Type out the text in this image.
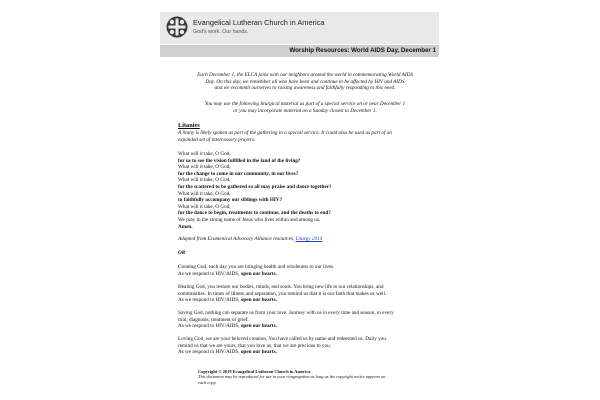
Evangelical Lutheran Church in America
God's work. Our hands.
Worship Resources: World AIDS Day, December 1
Each December 1, the ELCA joins with our neighbors around the world in commemorating World AIDS
Day. On this day, we remember all who have been and continue to be affected by HIV and AIDS
and we recommit ourselves to raising awareness and faithfully responding to this need.
You may use the following liturgical material as part of a special service on or near December 1
or you may incorporate material on a Sunday closest to December 1.
Litanies
A litany is likely spoken as part of the gathering in a special service. It could also be used as part of an
expanded set of intercessory prayers.
What will it take, O God,
for us to see the vision fulfilled in the land of the living?
What will it take, O God,
for the change to come in our community, in our lives?
What will it take, O God,
for the scattered to be gathered so all may praise and dance together?
What will it take, O God,
to faithfully accompany our siblings with HIV?
What will it take, O God,
for the dance to begin, treatments to continue, and the deaths to end?
We pray in the strong name of Jesus who lives within and among us.
Amen.
Adapted from Ecumenical Advocacy Alliance resources, Liturgy 2014
OR
Creating God, each day you are bringing health and wholeness to our lives.
As we respond to HIV/AIDS, open our hearts.
Healing God, you restore our bodies, minds, and souls. You bring new life to our relationships, and
communities. In times of illness and separation, you remind us that it is our faith that makes us well.
As we respond to HIV/AIDS, open our hearts.
Saving God, nothing can separate us from your love. Journey with us in every time and season, in every
trial, diagnosis, treatment or grief.
As we respond to HIV/AIDS, open our hearts.
Loving God, we are your beloved creation. You have called us by name and redeemed us. Daily you
remind us that we are yours, that you love us, that we are precious to you.
As we respond to HIV/AIDS, open our hearts.
Copyright © 2019 Evangelical Lutheran Church in America
This document may be reproduced for use in your congregation as long as the copyright notice appears on
each copy.
